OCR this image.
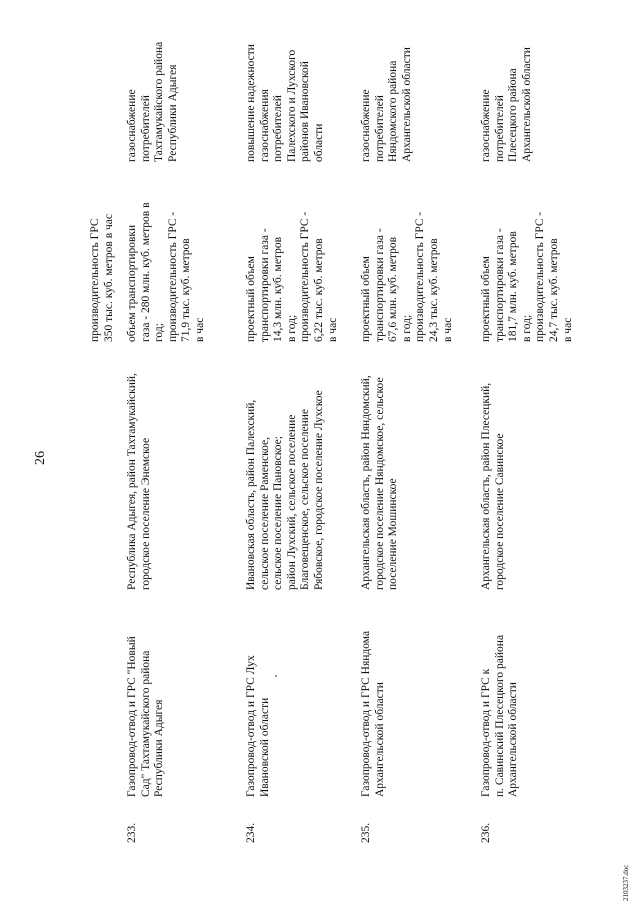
26
производительность ГРС 350 тыс. куб. метров в час
233.
Газопровод-отвод и ГРС "Новый Сад" Тахтамукайского района Республики Адыгея
Республика Адыгея, район Тахтамукайский, городское поселение Энемское
объем транспортировки газа - 280 млн. куб. метров в год; производительность ГРС - 71,9 тыс. куб. метров в час
газоснабжение потребителей Тахтамукайского района Республики Адыгея
234.
Газопровод-отвод и ГРС Лух Ивановской области
Ивановская область, район Палехский, сельское поселение Раменское, сельское поселение Пановское; район Лухский, сельское поселение Благовещенское, сельское поселение Рябовское, городское поселение Лухское
проектный объем транспортировки газа - 14,3 млн. куб. метров в год; производительность ГРС - 6,22 тыс. куб. метров в час
повышение надежности газоснабжения потребителей Палехского и Лухского районов Ивановской области
235.
Газопровод-отвод и ГРС Няндома Архангельской области
Архангельская область, район Няндомский, городское поселение Няндомское, сельское поселение Мошинское
проектный объем транспортировки газа - 67,6 млн. куб. метров в год; производительность ГРС - 24,3 тыс. куб. метров в час
газоснабжение потребителей Няндомского района Архангельской области
236.
Газопровод-отвод и ГРС к п. Савинский Плесецкого района Архангельской области
Архангельская область, район Плесецкий, городское поселение Савинское
проектный объем транспортировки газа - 181,7 млн. куб. метров в год; производительность ГРС - 24,7 тыс. куб. метров в час
газоснабжение потребителей Плесецкого района Архангельской области
2103237.doc
